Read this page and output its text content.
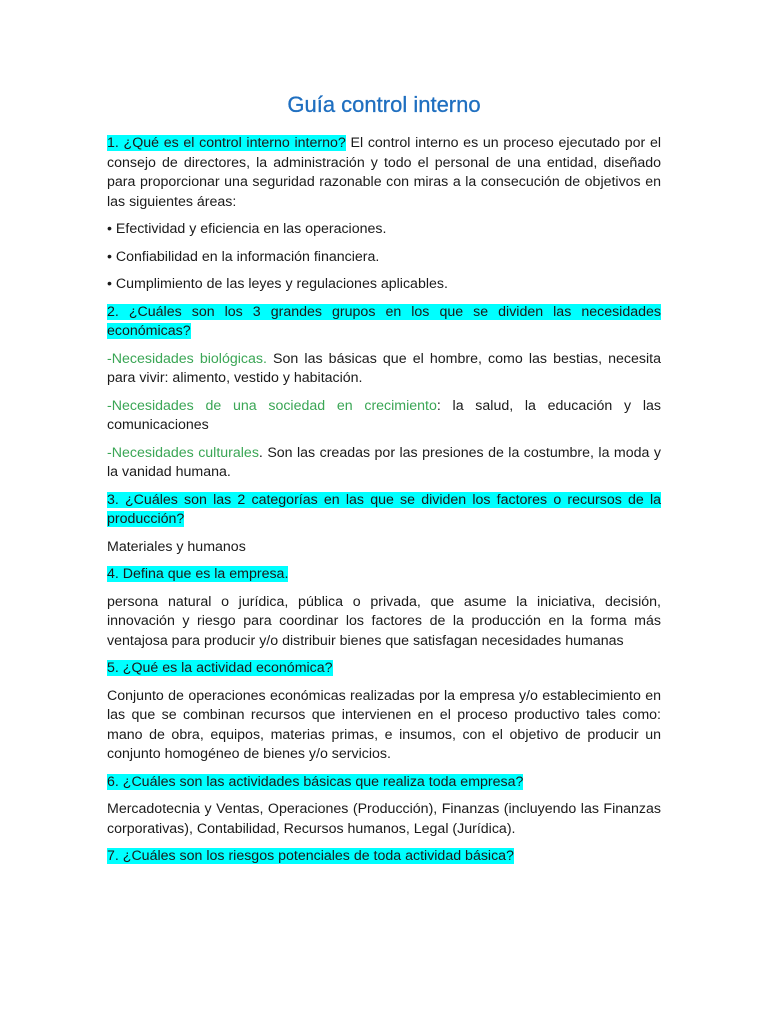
Guía control interno

1. ¿Qué es el control interno interno? El control interno es un proceso ejecutado por el consejo de directores, la administración y todo el personal de una entidad, diseñado para proporcionar una seguridad razonable con miras a la consecución de objetivos en las siguientes áreas:

• Efectividad y eficiencia en las operaciones.

• Confiabilidad en la información financiera.

• Cumplimiento de las leyes y regulaciones aplicables.

2. ¿Cuáles son los 3 grandes grupos en los que se dividen las necesidades económicas?

-Necesidades biológicas. Son las básicas que el hombre, como las bestias, necesita para vivir: alimento, vestido y habitación.

-Necesidades de una sociedad en crecimiento: la salud, la educación y las comunicaciones

-Necesidades culturales. Son las creadas por las presiones de la costumbre, la moda y la vanidad humana.

3. ¿Cuáles son las 2 categorías en las que se dividen los factores o recursos de la producción?

Materiales y humanos

4. Defina que es la empresa.

persona natural o jurídica, pública o privada, que asume la iniciativa, decisión, innovación y riesgo para coordinar los factores de la producción en la forma más ventajosa para producir y/o distribuir bienes que satisfagan necesidades humanas

5. ¿Qué es la actividad económica?

Conjunto de operaciones económicas realizadas por la empresa y/o establecimiento en las que se combinan recursos que intervienen en el proceso productivo tales como: mano de obra, equipos, materias primas, e insumos, con el objetivo de producir un conjunto homogéneo de bienes y/o servicios.

6. ¿Cuáles son las actividades básicas que realiza toda empresa?

Mercadotecnia y Ventas, Operaciones (Producción), Finanzas (incluyendo las Finanzas corporativas), Contabilidad, Recursos humanos, Legal (Jurídica).

7. ¿Cuáles son los riesgos potenciales de toda actividad básica?
